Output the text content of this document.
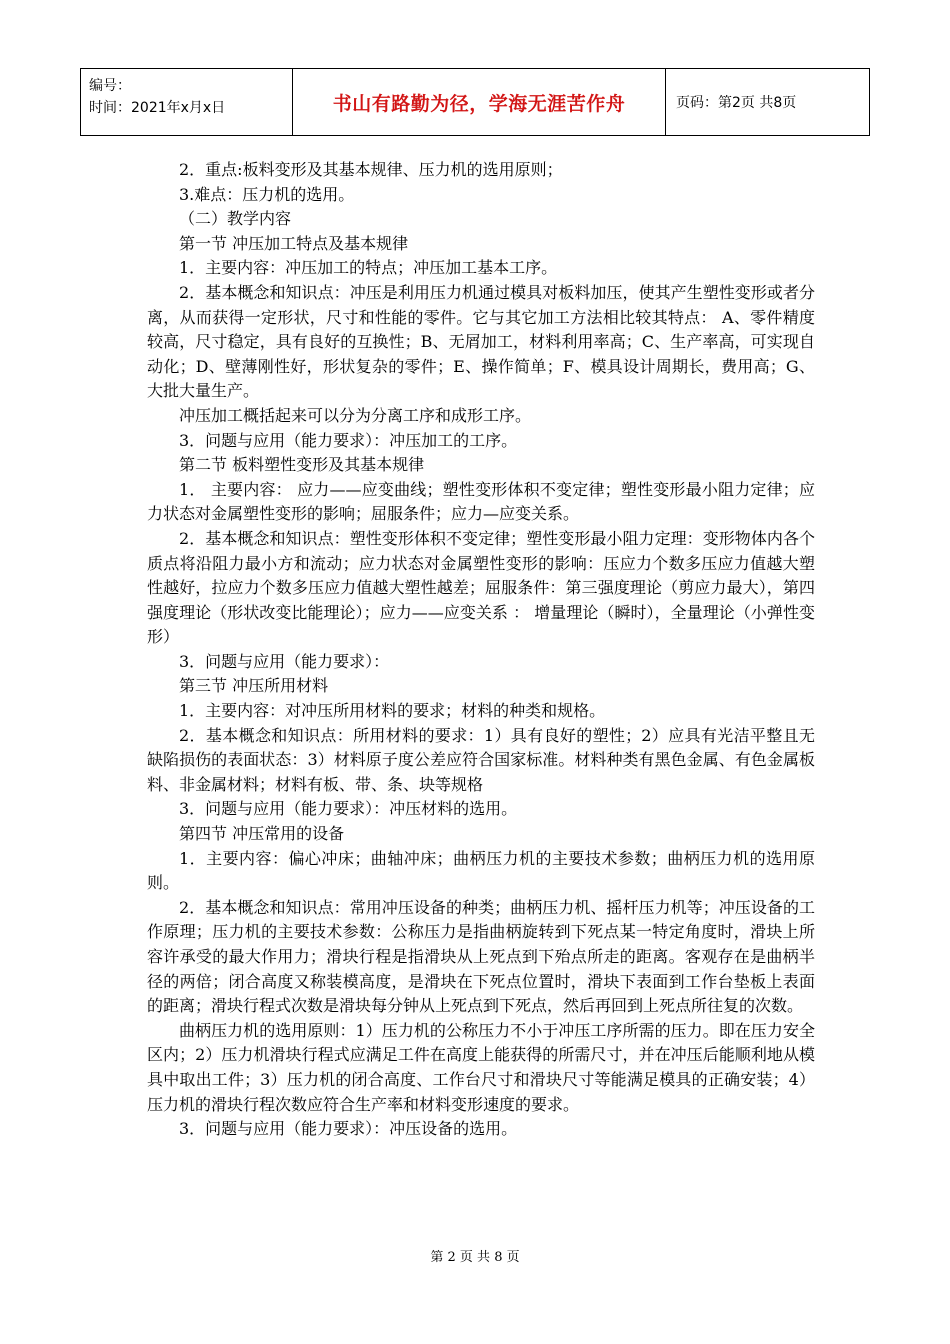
编号：
时间：2021年x月x日	书山有路勤为径，学海无涯苦作舟	页码：第2页 共8页

2．重点:板料变形及其基本规律、压力机的选用原则；

3.难点：压力机的选用。

（二）教学内容

第一节 冲压加工特点及基本规律

1．主要内容：冲压加工的特点；冲压加工基本工序。

2．基本概念和知识点：冲压是利用压力机通过模具对板料加压，使其产生塑性变形或者分离，从而获得一定形状，尺寸和性能的零件。它与其它加工方法相比较其特点： A、零件精度较高，尺寸稳定，具有良好的互换性；B、无屑加工，材料利用率高；C、生产率高，可实现自动化；D、壁薄刚性好，形状复杂的零件；E、操作简单；F、模具设计周期长，费用高；G、大批大量生产。

冲压加工概括起来可以分为分离工序和成形工序。

3．问题与应用（能力要求）：冲压加工的工序。

第二节 板料塑性变形及其基本规律

1． 主要内容： 应力——应变曲线；塑性变形体积不变定律；塑性变形最小阻力定律；应力状态对金属塑性变形的影响；屈服条件；应力—应变关系。

2．基本概念和知识点：塑性变形体积不变定律；塑性变形最小阻力定理：变形物体内各个质点将沿阻力最小方和流动；应力状态对金属塑性变形的影响：压应力个数多压应力值越大塑性越好，拉应力个数多压应力值越大塑性越差；屈服条件：第三强度理论（剪应力最大），第四强度理论（形状改变比能理论）；应力——应变关系 ： 增量理论（瞬时），全量理论（小弹性变形）

3．问题与应用（能力要求）：

第三节 冲压所用材料

1．主要内容：对冲压所用材料的要求；材料的种类和规格。

2．基本概念和知识点：所用材料的要求：1）具有良好的塑性；2）应具有光洁平整且无缺陷损伤的表面状态：3）材料原子度公差应符合国家标准。材料种类有黑色金属、有色金属板料、非金属材料；材料有板、带、条、块等规格

3．问题与应用（能力要求）：冲压材料的选用。

第四节 冲压常用的设备

1．主要内容：偏心冲床；曲轴冲床；曲柄压力机的主要技术参数；曲柄压力机的选用原则。

2．基本概念和知识点：常用冲压设备的种类；曲柄压力机、摇杆压力机等；冲压设备的工作原理；压力机的主要技术参数：公称压力是指曲柄旋转到下死点某一特定角度时，滑块上所容许承受的最大作用力；滑块行程是指滑块从上死点到下殆点所走的距离。客观存在是曲柄半径的两倍；闭合高度又称装模高度，是滑块在下死点位置时，滑块下表面到工作台垫板上表面的距离；滑块行程式次数是滑块每分钟从上死点到下死点，然后再回到上死点所往复的次数。

曲柄压力机的选用原则：1）压力机的公称压力不小于冲压工序所需的压力。即在压力安全区内；2）压力机滑块行程式应满足工件在高度上能获得的所需尺寸，并在冲压后能顺利地从模具中取出工件；3）压力机的闭合高度、工作台尺寸和滑块尺寸等能满足模具的正确安装；4）压力机的滑块行程次数应符合生产率和材料变形速度的要求。

3．问题与应用（能力要求）：冲压设备的选用。

第 2 页 共 8 页
